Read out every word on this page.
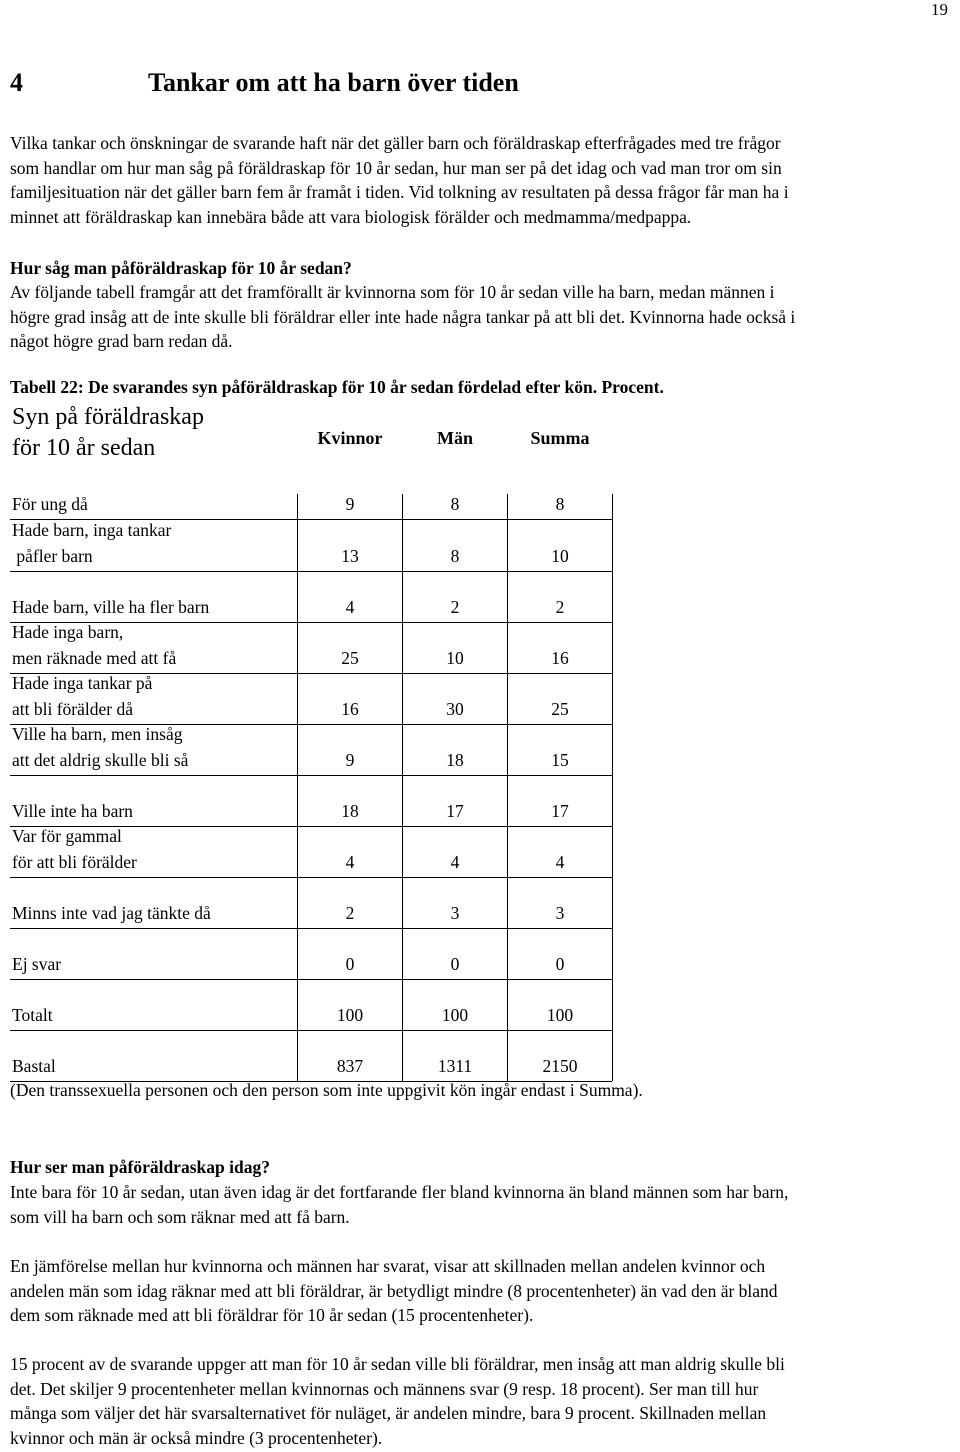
19
4	Tankar om att ha barn över tiden
Vilka tankar och önskningar de svarande haft när det gäller barn och föräldraskap efterfrågades med tre frågor
som handlar om hur man såg på föräldraskap för 10 år sedan, hur man ser på det idag och vad man tror om sin
familjesituation när det gäller barn fem år framåt i tiden. Vid tolkning av resultaten på dessa frågor får man ha i
minnet att föräldraskap kan innebära både att vara biologisk förälder och medmamma/medpappa.
Hur såg man påföräldraskap för 10 år sedan?
Av följande tabell framgår att det framförallt är kvinnorna som för 10 år sedan ville ha barn, medan männen i
högre grad insåg att de inte skulle bli föräldrar eller inte hade några tankar på att bli det. Kvinnorna hade också i
något högre grad barn redan då.
Tabell 22: De svarandes syn påföräldraskap för 10 år sedan fördelad efter kön. Procent.
Syn på föräldraskap
för 10 år sedan	Kvinnor	Män	Summa
För ung då	9	8	8
Hade barn, inga tankar
påfler barn	13	8	10
Hade barn, ville ha fler barn	4	2	2
Hade inga barn,
men räknade med att få	25	10	16
Hade inga tankar på
att bli förälder då	16	30	25
Ville ha barn, men insåg
att det aldrig skulle bli så	9	18	15
Ville inte ha barn	18	17	17
Var för gammal
för att bli förälder	4	4	4
Minns inte vad jag tänkte då	2	3	3
Ej svar	0	0	0
Totalt	100	100	100
Bastal	837	1311	2150
(Den transsexuella personen och den person som inte uppgivit kön ingår endast i Summa).
Hur ser man påföräldraskap idag?
Inte bara för 10 år sedan, utan även idag är det fortfarande fler bland kvinnorna än bland männen som har barn,
som vill ha barn och som räknar med att få barn.
En jämförelse mellan hur kvinnorna och männen har svarat, visar att skillnaden mellan andelen kvinnor och
andelen män som idag räknar med att bli föräldrar, är betydligt mindre (8 procentenheter) än vad den är bland
dem som räknade med att bli föräldrar för 10 år sedan (15 procentenheter).
15 procent av de svarande uppger att man för 10 år sedan ville bli föräldrar, men insåg att man aldrig skulle bli
det. Det skiljer 9 procentenheter mellan kvinnornas och männens svar (9 resp. 18 procent). Ser man till hur
många som väljer det här svarsalternativet för nuläget, är andelen mindre, bara 9 procent. Skillnaden mellan
kvinnor och män är också mindre (3 procentenheter).
